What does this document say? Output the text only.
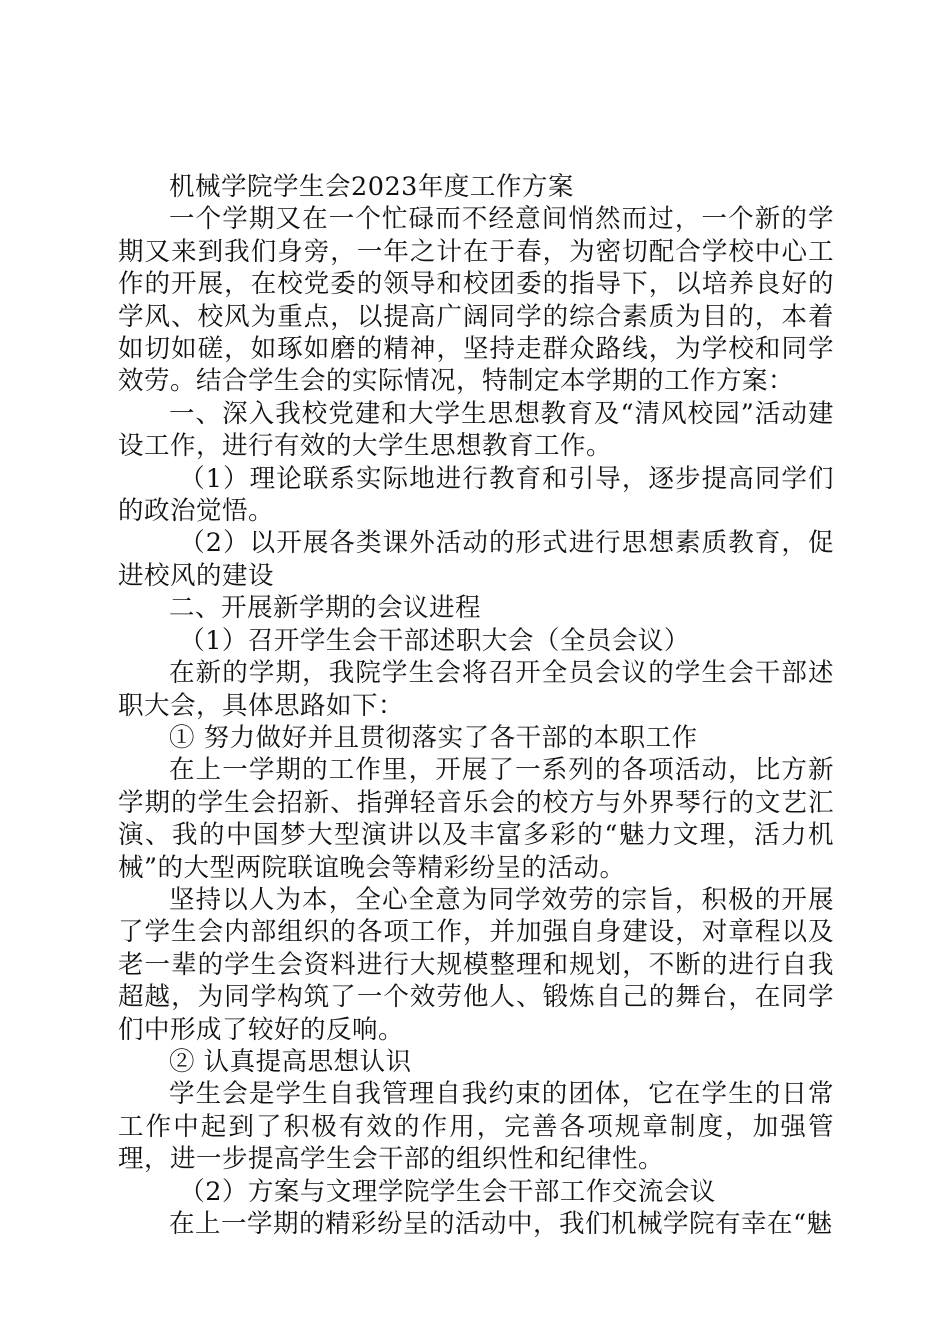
机械学院学生会2023年度工作方案

一个学期又在一个忙碌而不经意间悄然而过，一个新的学期又来到我们身旁，一年之计在于春，为密切配合学校中心工作的开展，在校党委的领导和校团委的指导下，以培养良好的学风、校风为重点，以提高广阔同学的综合素质为目的，本着如切如磋，如琢如磨的精神，坚持走群众路线，为学校和同学效劳。结合学生会的实际情况，特制定本学期的工作方案：

一、深入我校党建和大学生思想教育及“清风校园”活动建设工作，进行有效的大学生思想教育工作。

（1）理论联系实际地进行教育和引导，逐步提高同学们的政治觉悟。

（2）以开展各类课外活动的形式进行思想素质教育，促进校风的建设

二、开展新学期的会议进程

（1）召开学生会干部述职大会（全员会议）

在新的学期，我院学生会将召开全员会议的学生会干部述职大会，具体思路如下：

① 努力做好并且贯彻落实了各干部的本职工作

在上一学期的工作里，开展了一系列的各项活动，比方新学期的学生会招新、指弹轻音乐会的校方与外界琴行的文艺汇演、我的中国梦大型演讲以及丰富多彩的“魅力文理，活力机械”的大型两院联谊晚会等精彩纷呈的活动。

坚持以人为本，全心全意为同学效劳的宗旨，积极的开展了学生会内部组织的各项工作，并加强自身建设，对章程以及老一辈的学生会资料进行大规模整理和规划，不断的进行自我超越，为同学构筑了一个效劳他人、锻炼自己的舞台，在同学们中形成了较好的反响。

② 认真提高思想认识

学生会是学生自我管理自我约束的团体，它在学生的日常工作中起到了积极有效的作用，完善各项规章制度，加强管理，进一步提高学生会干部的组织性和纪律性。

（2）方案与文理学院学生会干部工作交流会议

在上一学期的精彩纷呈的活动中，我们机械学院有幸在“魅
